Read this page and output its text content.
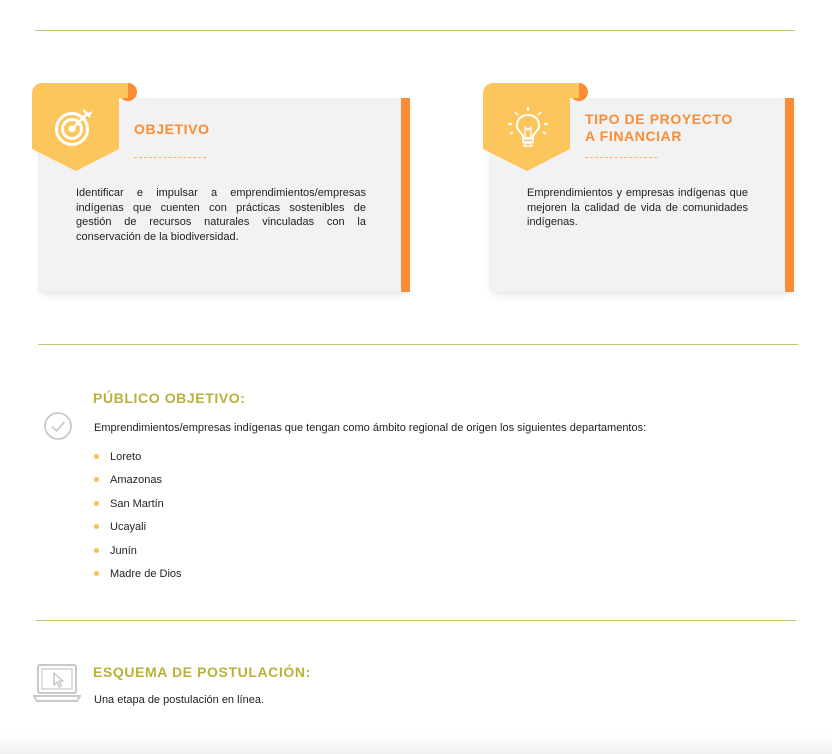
OBJETIVO
Identificar e impulsar a emprendimientos/empresas indígenas que cuenten con prácticas sostenibles de gestión de recursos naturales vinculadas con la conservación de la biodiversidad.
TIPO DE PROYECTO
A FINANCIAR
Emprendimientos y empresas indígenas que mejoren la calidad de vida de comunidades indígenas.
PÚBLICO OBJETIVO:
Emprendimientos/empresas indígenas que tengan como ámbito regional de origen los siguientes departamentos:
Loreto
Amazonas
San Martín
Ucayali
Junín
Madre de Dios
ESQUEMA DE POSTULACIÓN:
Una etapa de postulación en línea.
